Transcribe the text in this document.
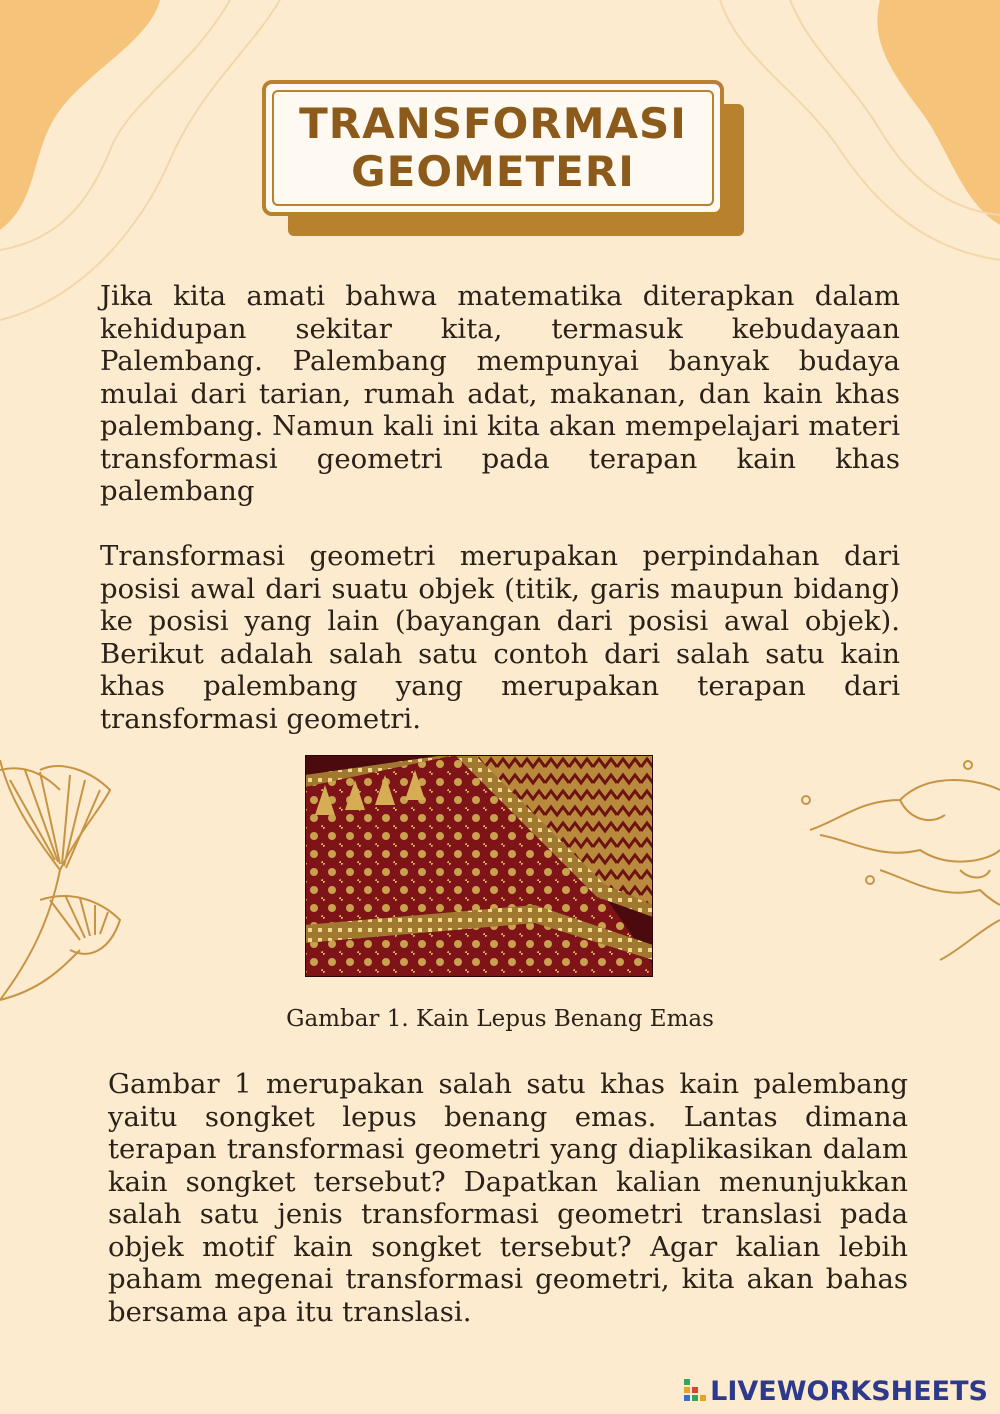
TRANSFORMASI
GEOMETERI

Jika kita amati bahwa matematika diterapkan dalam kehidupan sekitar kita, termasuk kebudayaan Palembang. Palembang mempunyai banyak budaya mulai dari tarian, rumah adat, makanan, dan kain khas palembang. Namun kali ini kita akan mempelajari materi transformasi geometri pada terapan kain khas palembang

Transformasi geometri merupakan perpindahan dari posisi awal dari suatu objek (titik, garis maupun bidang) ke posisi yang lain (bayangan dari posisi awal objek). Berikut adalah salah satu contoh dari salah satu kain khas palembang yang merupakan terapan dari transformasi geometri.

Gambar 1. Kain Lepus Benang Emas

Gambar 1 merupakan salah satu khas kain palembang yaitu songket lepus benang emas. Lantas dimana terapan transformasi geometri yang diaplikasikan dalam kain songket tersebut? Dapatkan kalian menunjukkan salah satu jenis transformasi geometri translasi pada objek motif kain songket tersebut? Agar kalian lebih paham megenai transformasi geometri, kita akan bahas bersama apa itu translasi.

LIVEWORKSHEETS
